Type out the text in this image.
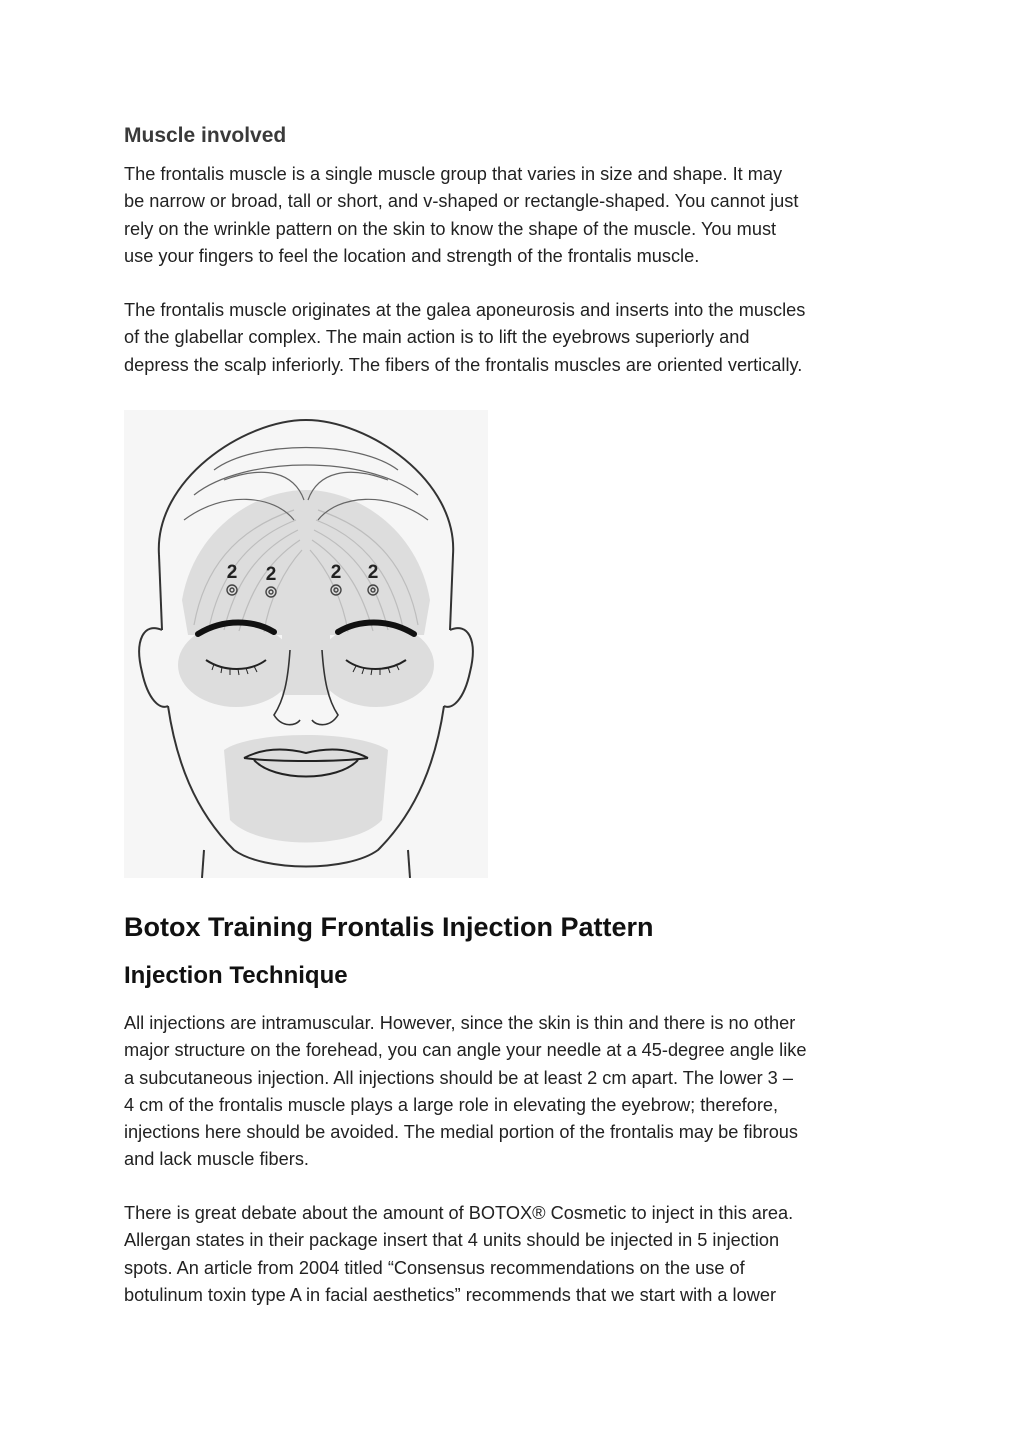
Muscle involved

The frontalis muscle is a single muscle group that varies in size and shape. It may
be narrow or broad, tall or short, and v-shaped or rectangle-shaped. You cannot just
rely on the wrinkle pattern on the skin to know the shape of the muscle. You must
use your fingers to feel the location and strength of the frontalis muscle.

The frontalis muscle originates at the galea aponeurosis and inserts into the muscles
of the glabellar complex. The main action is to lift the eyebrows superiorly and
depress the scalp inferiorly. The fibers of the frontalis muscles are oriented vertically.

2 2	2 2
Botox Training Frontalis Injection Pattern
Injection Technique

All injections are intramuscular. However, since the skin is thin and there is no other
major structure on the forehead, you can angle your needle at a 45-degree angle like
a subcutaneous injection. All injections should be at least 2 cm apart. The lower 3 –
4 cm of the frontalis muscle plays a large role in elevating the eyebrow; therefore,
injections here should be avoided. The medial portion of the frontalis may be fibrous
and lack muscle fibers.

There is great debate about the amount of BOTOX® Cosmetic to inject in this area.
Allergan states in their package insert that 4 units should be injected in 5 injection
spots. An article from 2004 titled “Consensus recommendations on the use of
botulinum toxin type A in facial aesthetics” recommends that we start with a lower
